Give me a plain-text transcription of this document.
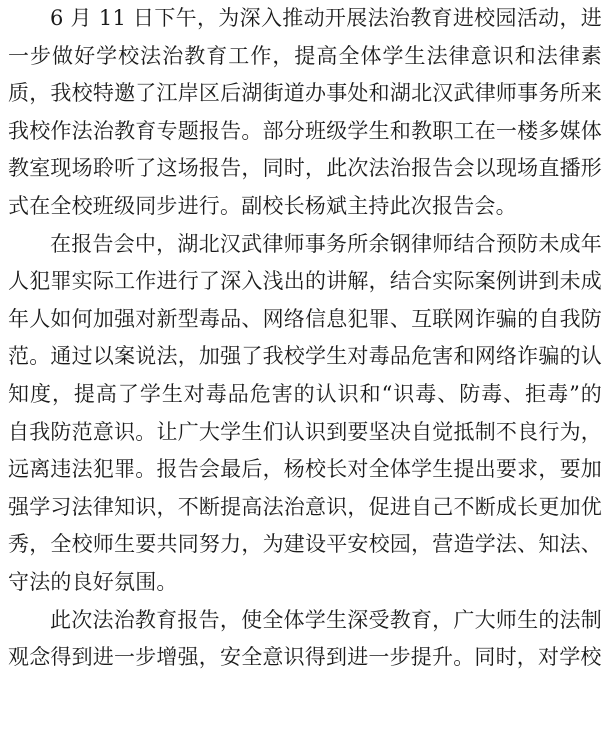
6 月 11 日下午，为深入推动开展法治教育进校园活动，进一步做好学校法治教育工作，提高全体学生法律意识和法律素质，我校特邀了江岸区后湖街道办事处和湖北汉武律师事务所来我校作法治教育专题报告。部分班级学生和教职工在一楼多媒体教室现场聆听了这场报告，同时，此次法治报告会以现场直播形式在全校班级同步进行。副校长杨斌主持此次报告会。

在报告会中，湖北汉武律师事务所余钢律师结合预防未成年人犯罪实际工作进行了深入浅出的讲解，结合实际案例讲到未成年人如何加强对新型毒品、网络信息犯罪、互联网诈骗的自我防范。通过以案说法，加强了我校学生对毒品危害和网络诈骗的认知度，提高了学生对毒品危害的认识和“识毒、防毒、拒毒”的自我防范意识。让广大学生们认识到要坚决自觉抵制不良行为，远离违法犯罪。报告会最后，杨校长对全体学生提出要求，要加强学习法律知识，不断提高法治意识，促进自己不断成长更加优秀，全校师生要共同努力，为建设平安校园，营造学法、知法、守法的良好氛围。

此次法治教育报告，使全体学生深受教育，广大师生的法制观念得到进一步增强，安全意识得到进一步提升。同时，对学校
